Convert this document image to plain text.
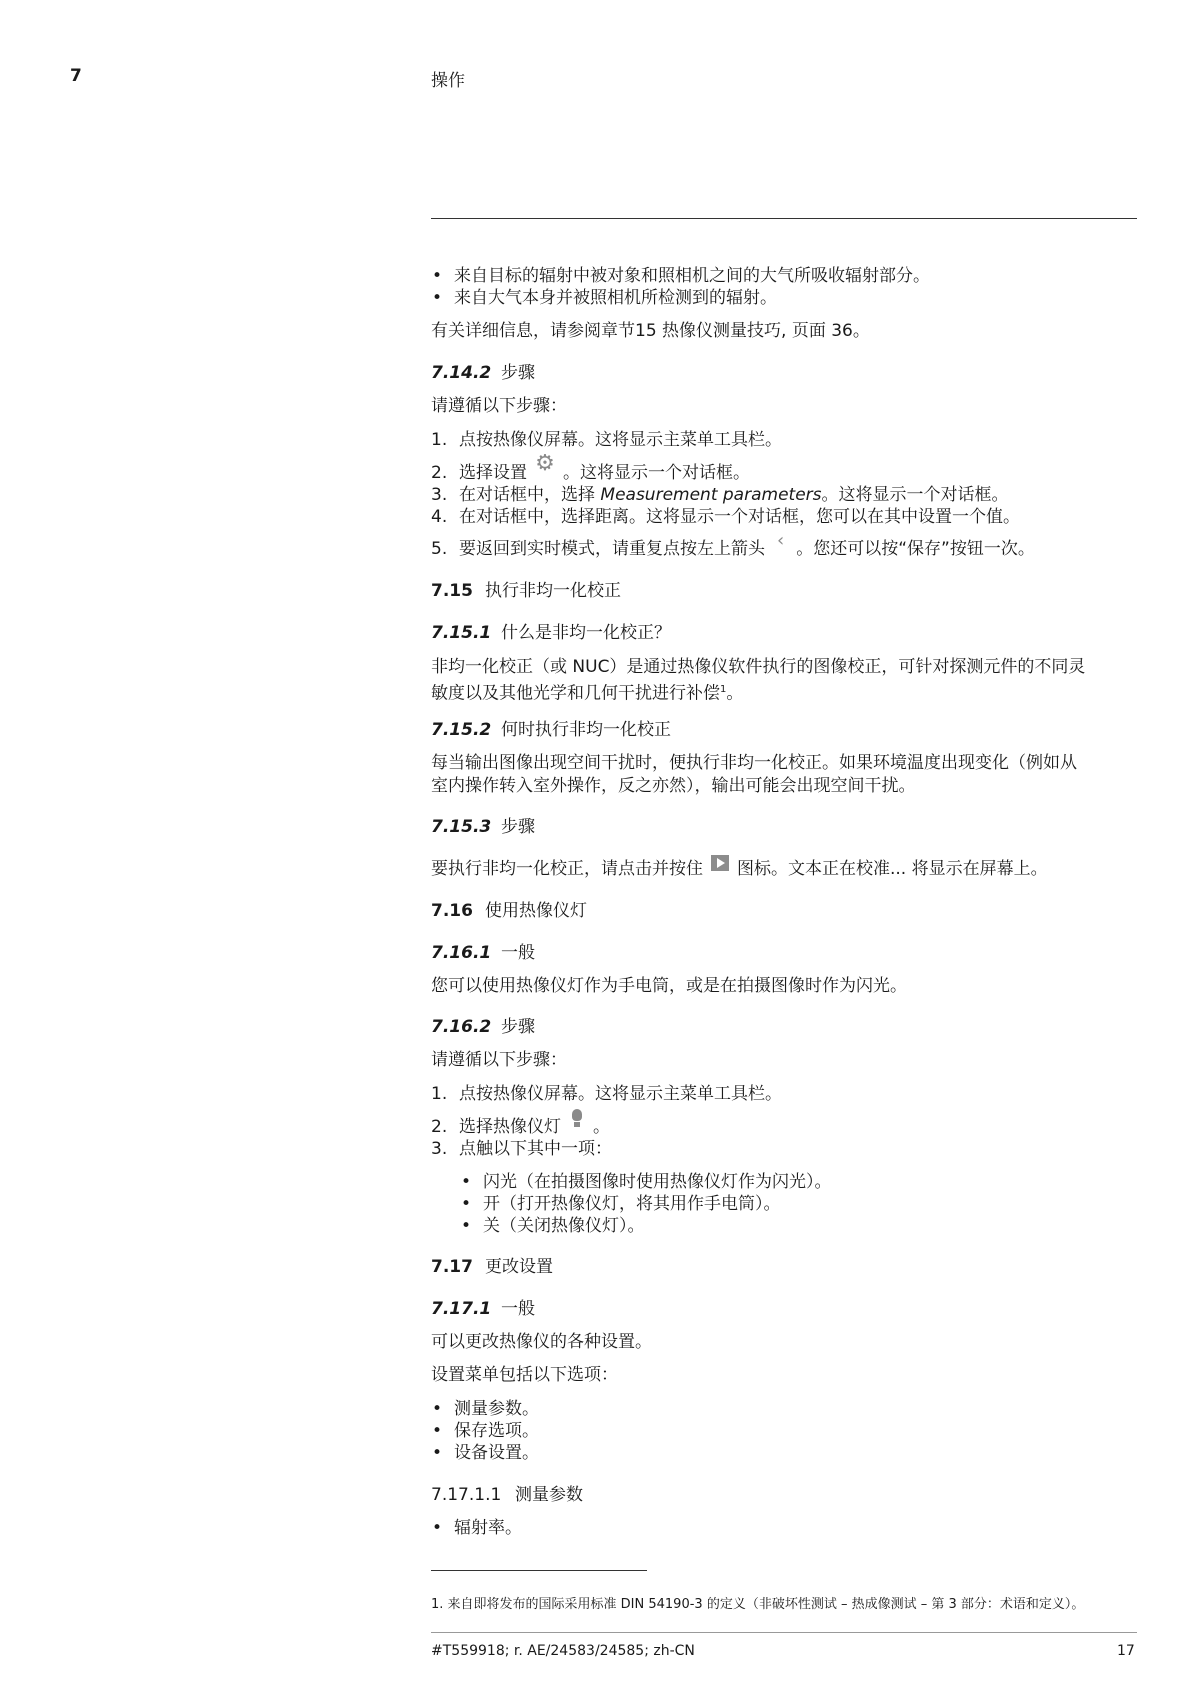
7	操作
• 来自目标的辐射中被对象和照相机之间的大气所吸收辐射部分。
• 来自大气本身并被照相机所检测到的辐射。
有关详细信息，请参阅章节15 热像仪测量技巧, 页面 36。
7.14.2 步骤
请遵循以下步骤：
1. 点按热像仪屏幕。这将显示主菜单工具栏。
2. 选择设置 ⚙ 。这将显示一个对话框。
3. 在对话框中，选择 Measurement parameters。这将显示一个对话框。
4. 在对话框中，选择距离。这将显示一个对话框，您可以在其中设置一个值。
5. 要返回到实时模式，请重复点按左上箭头 ‹ 。您还可以按“保存”按钮一次。
7.15 执行非均一化校正
7.15.1 什么是非均一化校正？
非均一化校正（或 NUC）是通过热像仪软件执行的图像校正，可针对探测元件的不同灵
敏度以及其他光学和几何干扰进行补偿$^1$。
7.15.2 何时执行非均一化校正
每当输出图像出现空间干扰时，便执行非均一化校正。如果环境温度出现变化（例如从
室内操作转入室外操作，反之亦然），输出可能会出现空间干扰。
7.15.3 步骤
要执行非均一化校正，请点击并按住 图标。文本正在校准... 将显示在屏幕上。
7.16 使用热像仪灯
7.16.1 一般
您可以使用热像仪灯作为手电筒，或是在拍摄图像时作为闪光。
7.16.2 步骤
请遵循以下步骤：
1. 点按热像仪屏幕。这将显示主菜单工具栏。
2. 选择热像仪灯 。
3. 点触以下其中一项：
• 闪光（在拍摄图像时使用热像仪灯作为闪光）。
• 开（打开热像仪灯，将其用作手电筒）。
• 关（关闭热像仪灯）。
7.17 更改设置
7.17.1 一般
可以更改热像仪的各种设置。
设置菜单包括以下选项：
• 测量参数。
• 保存选项。
• 设备设置。
7.17.1.1 测量参数
• 辐射率。
1. 来自即将发布的国际采用标准 DIN 54190-3 的定义（非破坏性测试 – 热成像测试 – 第 3 部分：术语和定义）。
#T559918; r. AE/24583/24585; zh-CN	17
